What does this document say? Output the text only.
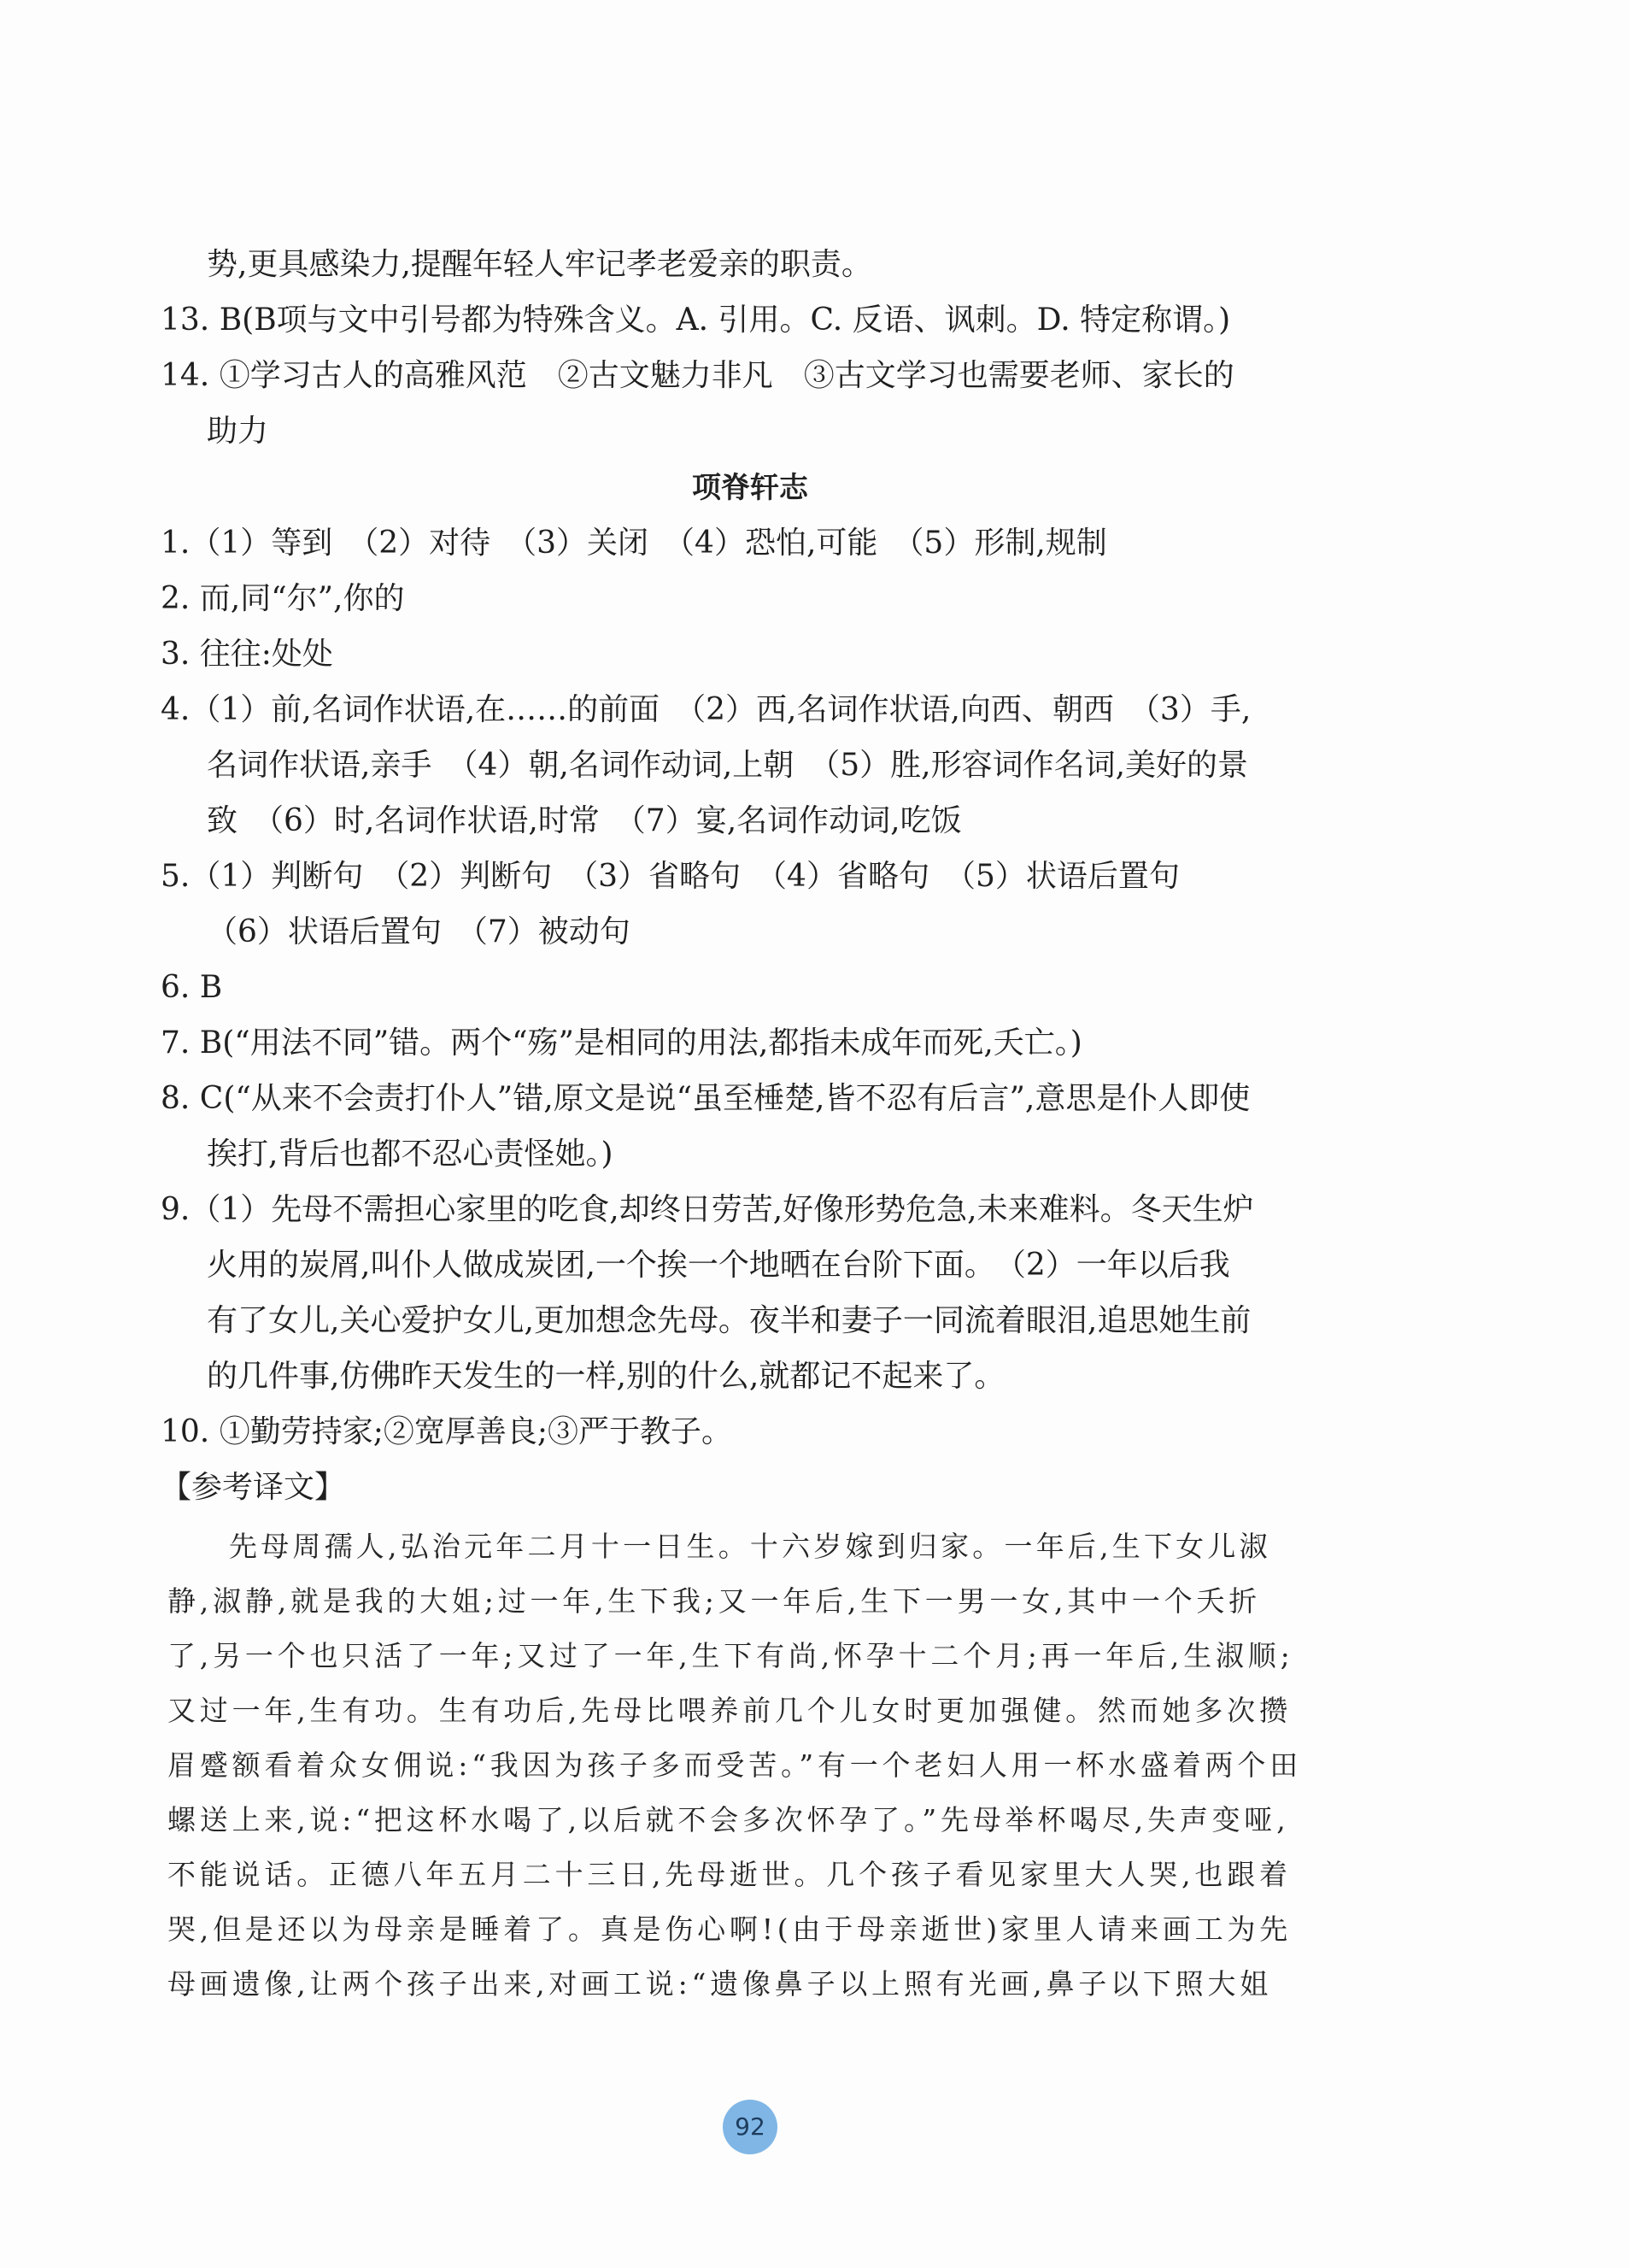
势,更具感染力,提醒年轻人牢记孝老爱亲的职责。
13. B(B项与文中引号都为特殊含义。A. 引用。C. 反语、讽刺。D. 特定称谓。)
14. ①学习古人的高雅风范　②古文魅力非凡　③古文学习也需要老师、家长的
助力
项脊轩志
1.（1）等到　（2）对待　（3）关闭　（4）恐怕,可能　（5）形制,规制
2. 而,同“尔”,你的
3. 往往:处处
4.（1）前,名词作状语,在……的前面　（2）西,名词作状语,向西、朝西　（3）手,
名词作状语,亲手　（4）朝,名词作动词,上朝　（5）胜,形容词作名词,美好的景
致　（6）时,名词作状语,时常　（7）宴,名词作动词,吃饭
5.（1）判断句　（2）判断句　（3）省略句　（4）省略句　（5）状语后置句
（6）状语后置句　（7）被动句
6. B
7. B(“用法不同”错。两个“殇”是相同的用法,都指未成年而死,夭亡。)
8. C(“从来不会责打仆人”错,原文是说“虽至棰楚,皆不忍有后言”,意思是仆人即使
挨打,背后也都不忍心责怪她。)
9.（1）先母不需担心家里的吃食,却终日劳苦,好像形势危急,未来难料。冬天生炉
火用的炭屑,叫仆人做成炭团,一个挨一个地晒在台阶下面。　（2）一年以后我
有了女儿,关心爱护女儿,更加想念先母。夜半和妻子一同流着眼泪,追思她生前
的几件事,仿佛昨天发生的一样,别的什么,就都记不起来了。
10. ①勤劳持家;②宽厚善良;③严于教子。
【参考译文】
先母周孺人,弘治元年二月十一日生。十六岁嫁到归家。一年后,生下女儿淑
静,淑静,就是我的大姐;过一年,生下我;又一年后,生下一男一女,其中一个夭折
了,另一个也只活了一年;又过了一年,生下有尚,怀孕十二个月;再一年后,生淑顺;
又过一年,生有功。生有功后,先母比喂养前几个儿女时更加强健。然而她多次攒
眉蹙额看着众女佣说:“我因为孩子多而受苦。”有一个老妇人用一杯水盛着两个田
螺送上来,说:“把这杯水喝了,以后就不会多次怀孕了。”先母举杯喝尽,失声变哑,
不能说话。正德八年五月二十三日,先母逝世。几个孩子看见家里大人哭,也跟着
哭,但是还以为母亲是睡着了。真是伤心啊!(由于母亲逝世)家里人请来画工为先
母画遗像,让两个孩子出来,对画工说:“遗像鼻子以上照有光画,鼻子以下照大姐
92
